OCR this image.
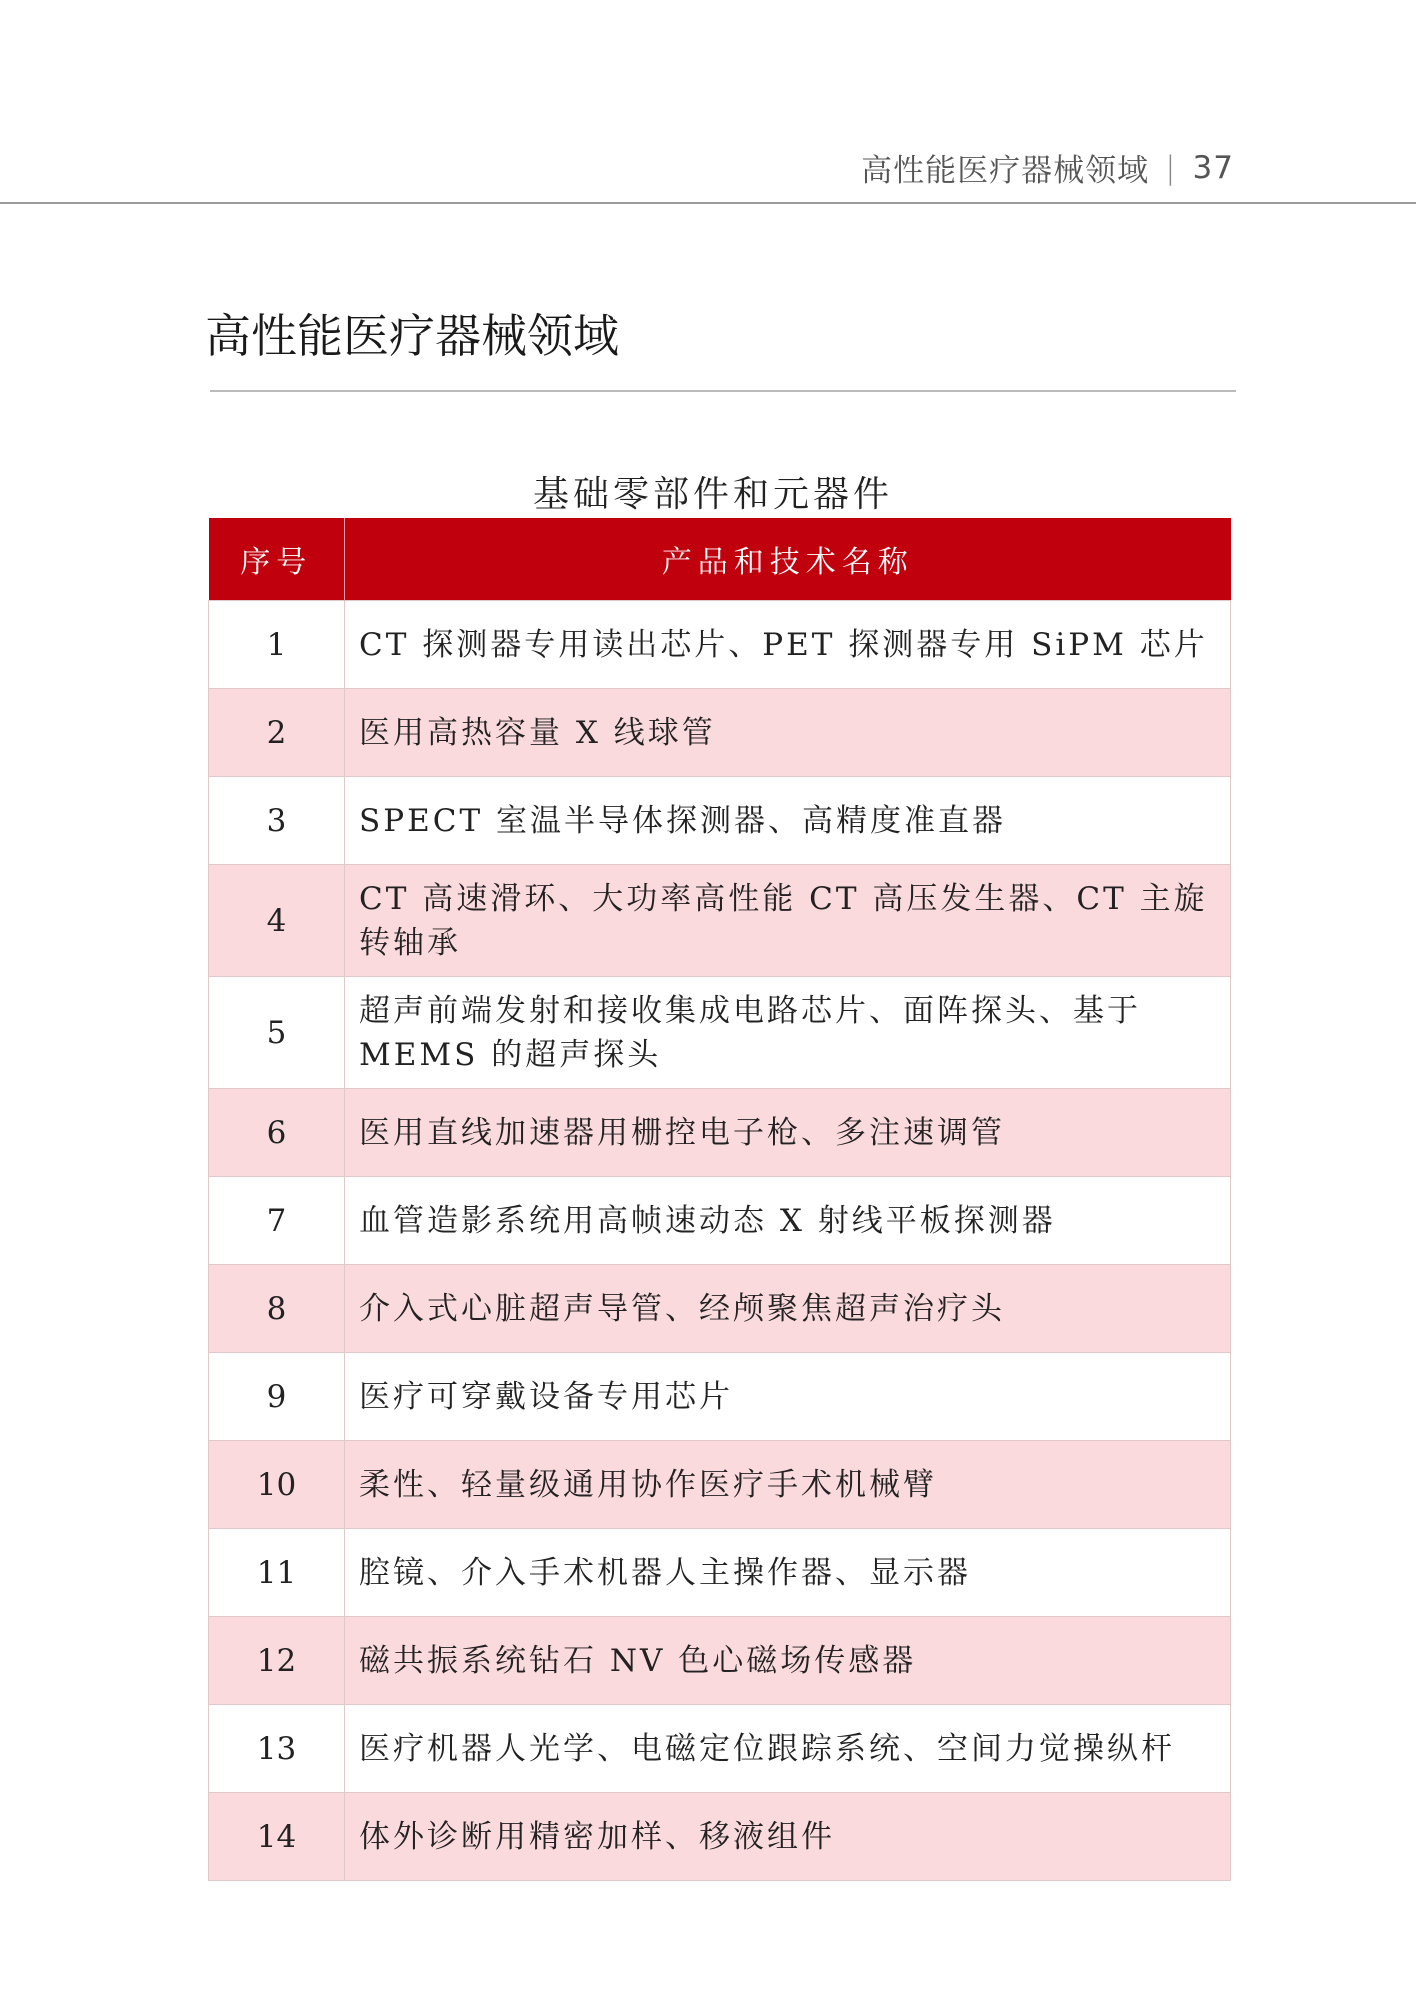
高性能医疗器械领域 | 37
高性能医疗器械领域
基础零部件和元器件
序号	产品和技术名称
1	CT 探测器专用读出芯片、PET 探测器专用 SiPM 芯片
2	医用高热容量 X 线球管
3	SPECT 室温半导体探测器、高精度准直器
4	CT 高速滑环、大功率高性能 CT 高压发生器、CT 主旋转轴承
5	超声前端发射和接收集成电路芯片、面阵探头、基于 MEMS 的超声探头
6	医用直线加速器用栅控电子枪、多注速调管
7	血管造影系统用高帧速动态 X 射线平板探测器
8	介入式心脏超声导管、经颅聚焦超声治疗头
9	医疗可穿戴设备专用芯片
10	柔性、轻量级通用协作医疗手术机械臂
11	腔镜、介入手术机器人主操作器、显示器
12	磁共振系统钻石 NV 色心磁场传感器
13	医疗机器人光学、电磁定位跟踪系统、空间力觉操纵杆
14	体外诊断用精密加样、移液组件
